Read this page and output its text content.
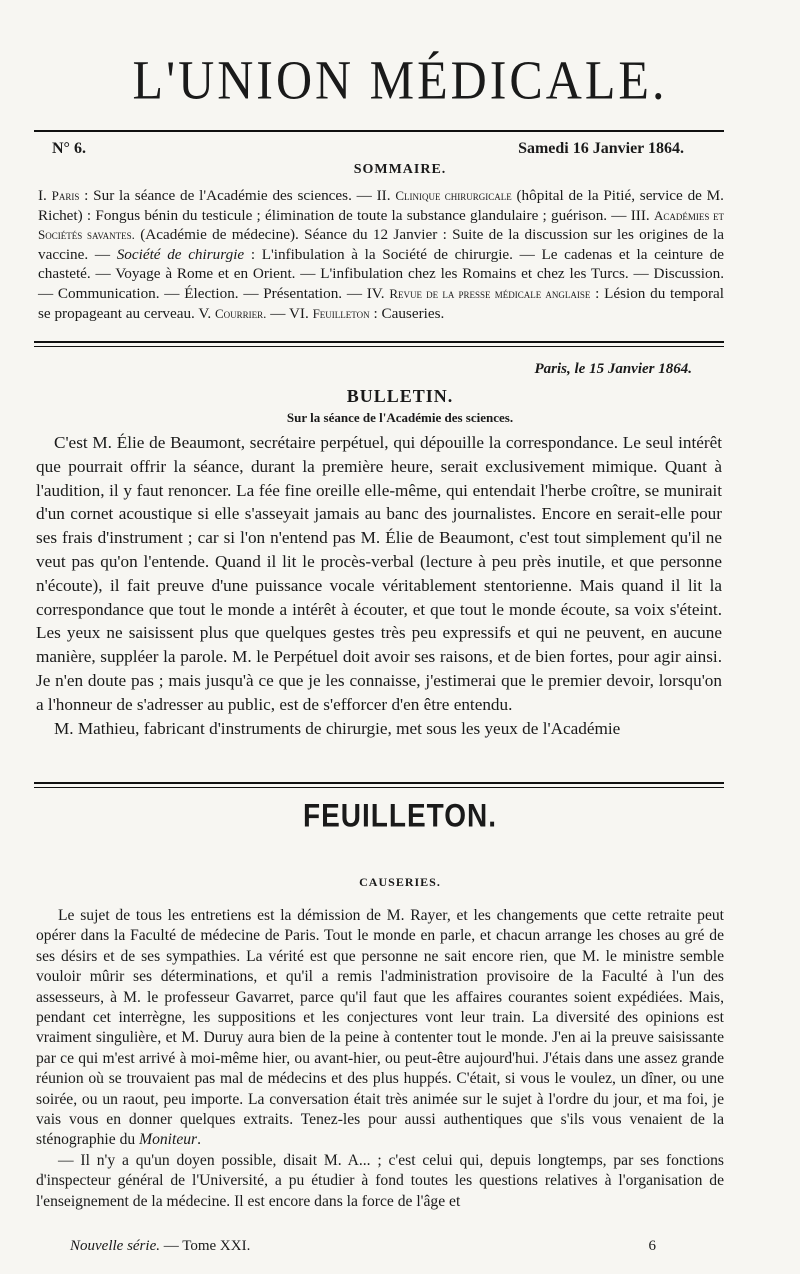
L'UNION MÉDICALE.
N° 6.	Samedi 16 Janvier 1864.
SOMMAIRE.
I. Paris : Sur la séance de l'Académie des sciences. — II. Clinique chirurgicale (hôpital de la Pitié, service de M. Richet) : Fongus bénin du testicule ; élimination de toute la substance glandulaire ; guérison. — III. Académies et Sociétés savantes. (Académie de médecine). Séance du 12 Janvier : Suite de la discussion sur les origines de la vaccine. — Société de chirurgie : L'infibulation à la Société de chirurgie. — Le cadenas et la ceinture de chasteté. — Voyage à Rome et en Orient. — L'infibulation chez les Romains et chez les Turcs. — Discussion. — Communication. — Élection. — Présentation. — IV. Revue de la presse médicale anglaise : Lésion du temporal se propageant au cerveau. V. Courrier. — VI. Feuilleton : Causeries.
Paris, le 15 Janvier 1864.
BULLETIN.
Sur la séance de l'Académie des sciences.

C'est M. Élie de Beaumont, secrétaire perpétuel, qui dépouille la correspondance. Le seul intérêt que pourrait offrir la séance, durant la première heure, serait exclusivement mimique. Quant à l'audition, il y faut renoncer. La fée fine oreille elle-même, qui entendait l'herbe croître, se munirait d'un cornet acoustique si elle s'asseyait jamais au banc des journalistes. Encore en serait-elle pour ses frais d'instrument ; car si l'on n'entend pas M. Élie de Beaumont, c'est tout simplement qu'il ne veut pas qu'on l'entende. Quand il lit le procès-verbal (lecture à peu près inutile, et que personne n'écoute), il fait preuve d'une puissance vocale véritablement stentorienne. Mais quand il lit la correspondance que tout le monde a intérêt à écouter, et que tout le monde écoute, sa voix s'éteint. Les yeux ne saisissent plus que quelques gestes très peu expressifs et qui ne peuvent, en aucune manière, suppléer la parole. M. le Perpétuel doit avoir ses raisons, et de bien fortes, pour agir ainsi. Je n'en doute pas ; mais jusqu'à ce que je les connaisse, j'estimerai que le premier devoir, lorsqu'on a l'honneur de s'adresser au public, est de s'efforcer d'en être entendu.

M. Mathieu, fabricant d'instruments de chirurgie, met sous les yeux de l'Académie

FEUILLETON.
CAUSERIES.

Le sujet de tous les entretiens est la démission de M. Rayer, et les changements que cette retraite peut opérer dans la Faculté de médecine de Paris. Tout le monde en parle, et chacun arrange les choses au gré de ses désirs et de ses sympathies. La vérité est que personne ne sait encore rien, que M. le ministre semble vouloir mûrir ses déterminations, et qu'il a remis l'administration provisoire de la Faculté à l'un des assesseurs, à M. le professeur Gavarret, parce qu'il faut que les affaires courantes soient expédiées. Mais, pendant cet interrègne, les suppositions et les conjectures vont leur train. La diversité des opinions est vraiment singulière, et M. Duruy aura bien de la peine à contenter tout le monde. J'en ai la preuve saisissante par ce qui m'est arrivé à moi-même hier, ou avant-hier, ou peut-être aujourd'hui. J'étais dans une assez grande réunion où se trouvaient pas mal de médecins et des plus huppés. C'était, si vous le voulez, un dîner, ou une soirée, ou un raout, peu importe. La conversation était très animée sur le sujet à l'ordre du jour, et ma foi, je vais vous en donner quelques extraits. Tenez-les pour aussi authentiques que s'ils vous venaient de la sténographie du Moniteur.

— Il n'y a qu'un doyen possible, disait M. A... ; c'est celui qui, depuis longtemps, par ses fonctions d'inspecteur général de l'Université, a pu étudier à fond toutes les questions relatives à l'organisation de l'enseignement de la médecine. Il est encore dans la force de l'âge et

Nouvelle série. — Tome XXI.	6
